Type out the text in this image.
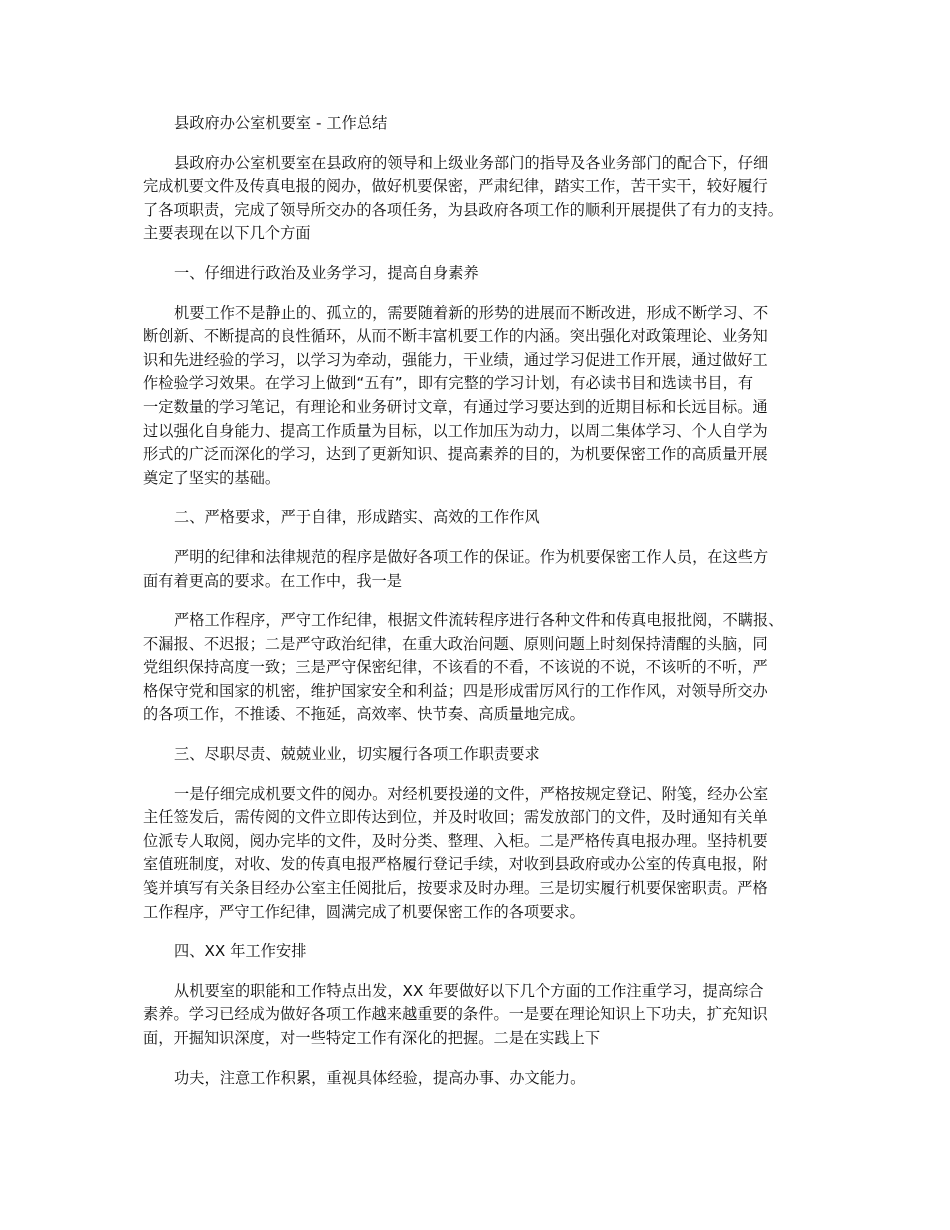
县政府办公室机要室 - 工作总结
县政府办公室机要室在县政府的领导和上级业务部门的指导及各业务部门的配合下，仔细
完成机要文件及传真电报的阅办，做好机要保密，严肃纪律，踏实工作，苦干实干，较好履行
了各项职责，完成了领导所交办的各项任务，为县政府各项工作的顺利开展提供了有力的支持。
主要表现在以下几个方面
一、仔细进行政治及业务学习，提高自身素养
机要工作不是静止的、孤立的，需要随着新的形势的进展而不断改进，形成不断学习、不
断创新、不断提高的良性循环，从而不断丰富机要工作的内涵。突出强化对政策理论、业务知
识和先进经验的学习，以学习为牵动，强能力，干业绩，通过学习促进工作开展，通过做好工
作检验学习效果。在学习上做到“五有”，即有完整的学习计划，有必读书目和选读书目，有
一定数量的学习笔记，有理论和业务研讨文章，有通过学习要达到的近期目标和长远目标。通
过以强化自身能力、提高工作质量为目标，以工作加压为动力，以周二集体学习、个人自学为
形式的广泛而深化的学习，达到了更新知识、提高素养的目的，为机要保密工作的高质量开展
奠定了坚实的基础。
二、严格要求，严于自律，形成踏实、高效的工作作风
严明的纪律和法律规范的程序是做好各项工作的保证。作为机要保密工作人员，在这些方
面有着更高的要求。在工作中，我一是
严格工作程序，严守工作纪律，根据文件流转程序进行各种文件和传真电报批阅，不瞒报、
不漏报、不迟报；二是严守政治纪律，在重大政治问题、原则问题上时刻保持清醒的头脑，同
党组织保持高度一致；三是严守保密纪律，不该看的不看，不该说的不说，不该听的不听，严
格保守党和国家的机密，维护国家安全和利益；四是形成雷厉风行的工作作风，对领导所交办
的各项工作，不推诿、不拖延，高效率、快节奏、高质量地完成。
三、尽职尽责、兢兢业业，切实履行各项工作职责要求
一是仔细完成机要文件的阅办。对经机要投递的文件，严格按规定登记、附笺，经办公室
主任签发后，需传阅的文件立即传达到位，并及时收回；需发放部门的文件，及时通知有关单
位派专人取阅，阅办完毕的文件，及时分类、整理、入柜。二是严格传真电报办理。坚持机要
室值班制度，对收、发的传真电报严格履行登记手续，对收到县政府或办公室的传真电报，附
笺并填写有关条目经办公室主任阅批后，按要求及时办理。三是切实履行机要保密职责。严格
工作程序，严守工作纪律，圆满完成了机要保密工作的各项要求。
四、XX 年工作安排
从机要室的职能和工作特点出发，XX 年要做好以下几个方面的工作注重学习，提高综合
素养。学习已经成为做好各项工作越来越重要的条件。一是要在理论知识上下功夫，扩充知识
面，开掘知识深度，对一些特定工作有深化的把握。二是在实践上下
功夫，注意工作积累，重视具体经验，提高办事、办文能力。
